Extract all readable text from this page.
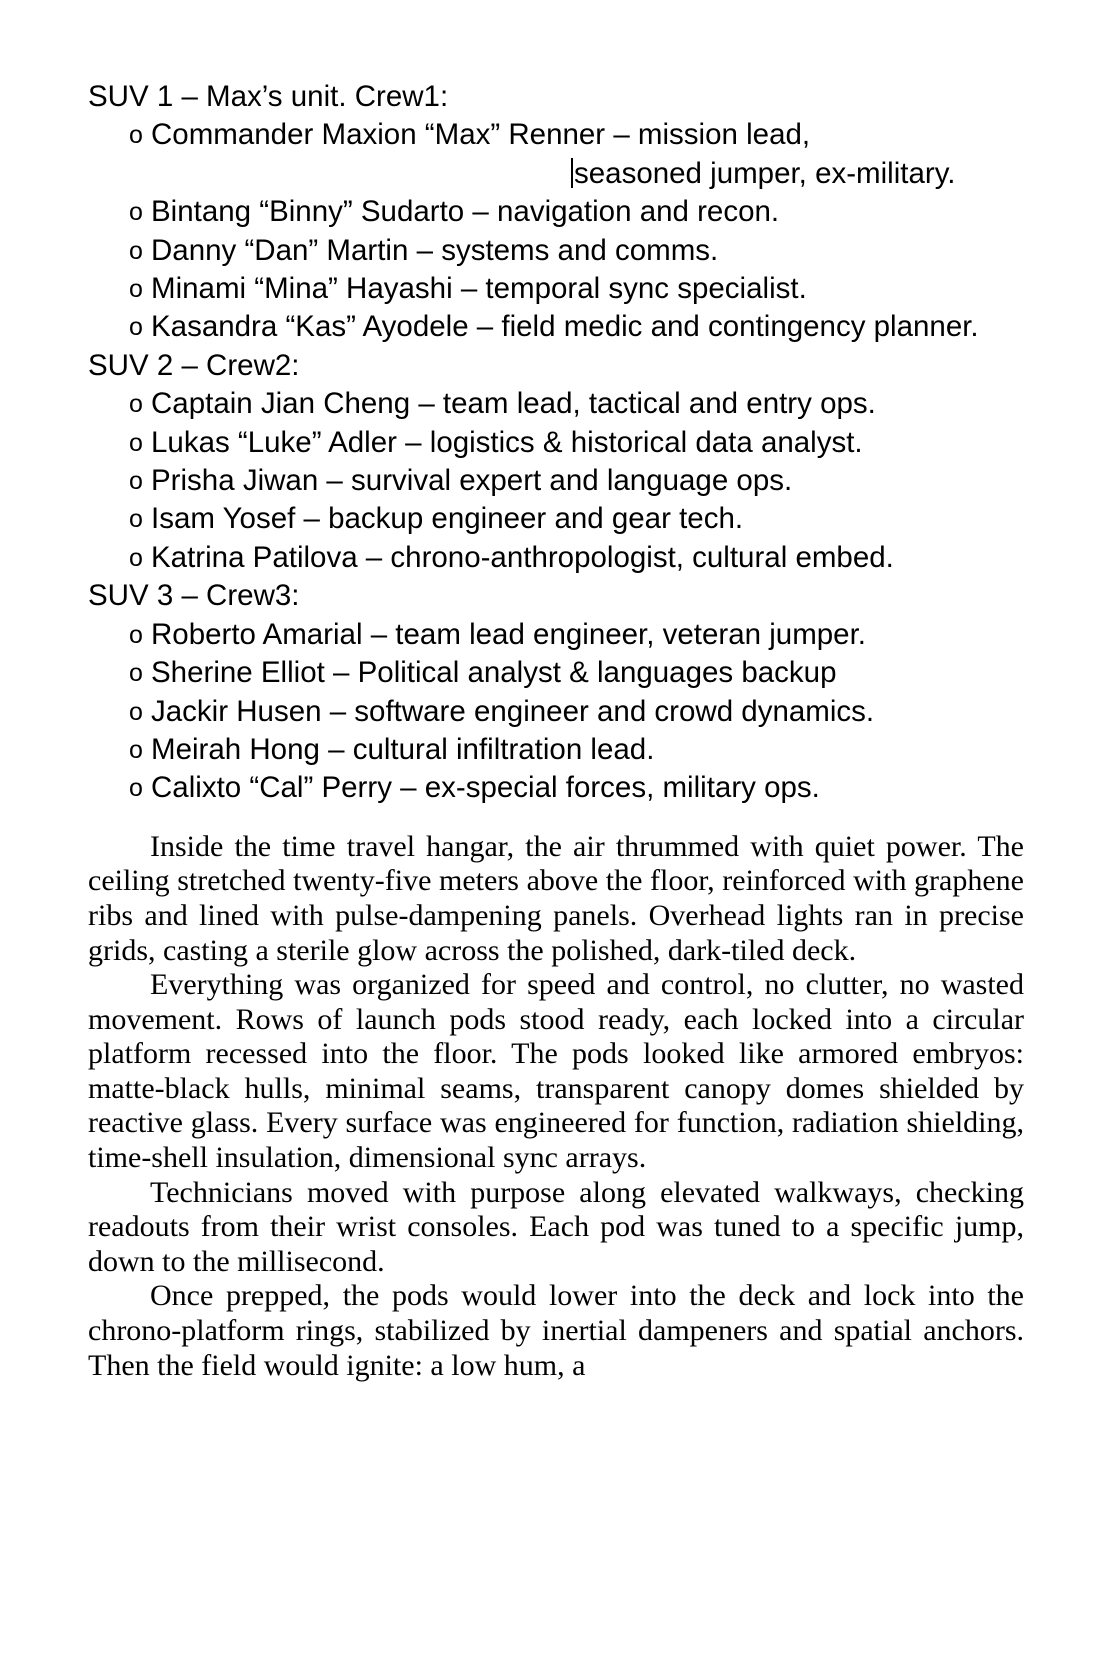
SUV 1 – Max’s unit. Crew1:
o Commander Maxion “Max” Renner – mission lead,
seasoned jumper, ex-military.
o Bintang “Binny” Sudarto – navigation and recon.
o Danny “Dan” Martin – systems and comms.
o Minami “Mina” Hayashi – temporal sync specialist.
o Kasandra “Kas” Ayodele – field medic and contingency planner.
SUV 2 – Crew2:
o Captain Jian Cheng – team lead, tactical and entry ops.
o Lukas “Luke” Adler – logistics & historical data analyst.
o Prisha Jiwan – survival expert and language ops.
o Isam Yosef – backup engineer and gear tech.
o Katrina Patilova – chrono-anthropologist, cultural embed.
SUV 3 – Crew3:
o Roberto Amarial – team lead engineer, veteran jumper.
o Sherine Elliot – Political analyst & languages backup
o Jackir Husen – software engineer and crowd dynamics.
o Meirah Hong – cultural infiltration lead.
o Calixto “Cal” Perry – ex-special forces, military ops.

Inside the time travel hangar, the air thrummed with quiet power. The ceiling stretched twenty-five meters above the floor, reinforced with graphene ribs and lined with pulse-dampening panels. Overhead lights ran in precise grids, casting a sterile glow across the polished, dark-tiled deck.

Everything was organized for speed and control, no clutter, no wasted movement. Rows of launch pods stood ready, each locked into a circular platform recessed into the floor. The pods looked like armored embryos: matte-black hulls, minimal seams, transparent canopy domes shielded by reactive glass. Every surface was engineered for function, radiation shielding, time-shell insulation, dimensional sync arrays.

Technicians moved with purpose along elevated walkways, checking readouts from their wrist consoles. Each pod was tuned to a specific jump, down to the millisecond.

Once prepped, the pods would lower into the deck and lock into the chrono-platform rings, stabilized by inertial dampeners and spatial anchors. Then the field would ignite: a low hum, a
